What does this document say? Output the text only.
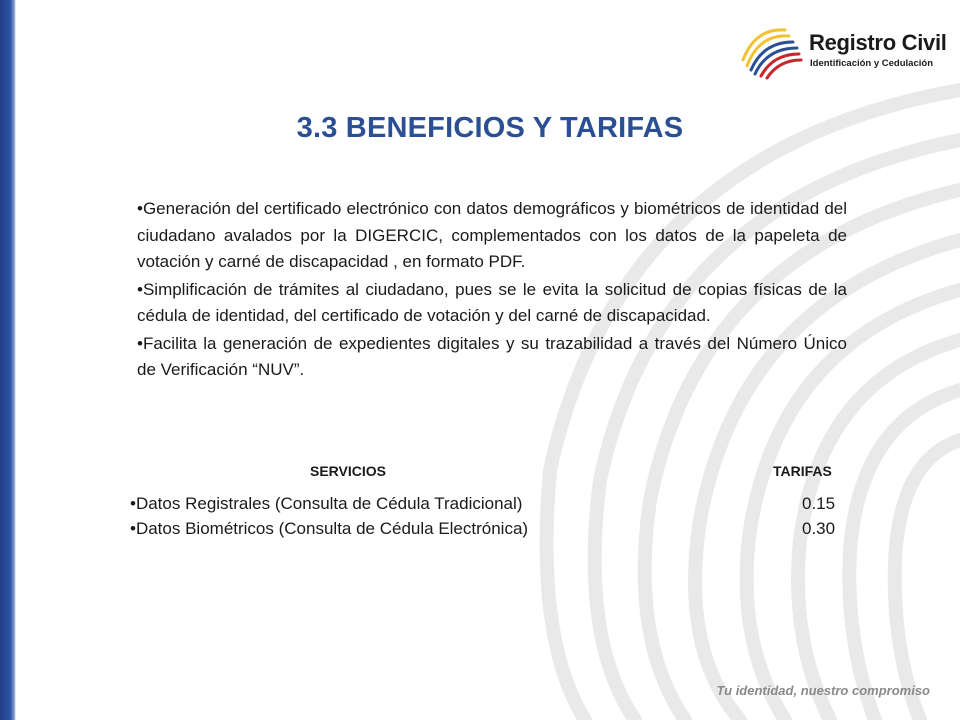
Registro Civil
Identificación y Cedulación
3.3 BENEFICIOS Y TARIFAS

•Generación del certificado electrónico con datos demográficos y biométricos de identidad del ciudadano avalados por la DIGERCIC, complementados con los datos de la papeleta de votación y carné de discapacidad , en formato PDF.

•Simplificación de trámites al ciudadano, pues se le evita la solicitud de copias físicas de la cédula de identidad, del certificado de votación y del carné de discapacidad.

•Facilita la generación de expedientes digitales y su trazabilidad a través del Número Único de Verificación “NUV”.

SERVICIOS	TARIFAS
•Datos Registrales (Consulta de Cédula Tradicional)	0.15
•Datos Biométricos (Consulta de Cédula Electrónica)	0.30
Tu identidad, nuestro compromiso
